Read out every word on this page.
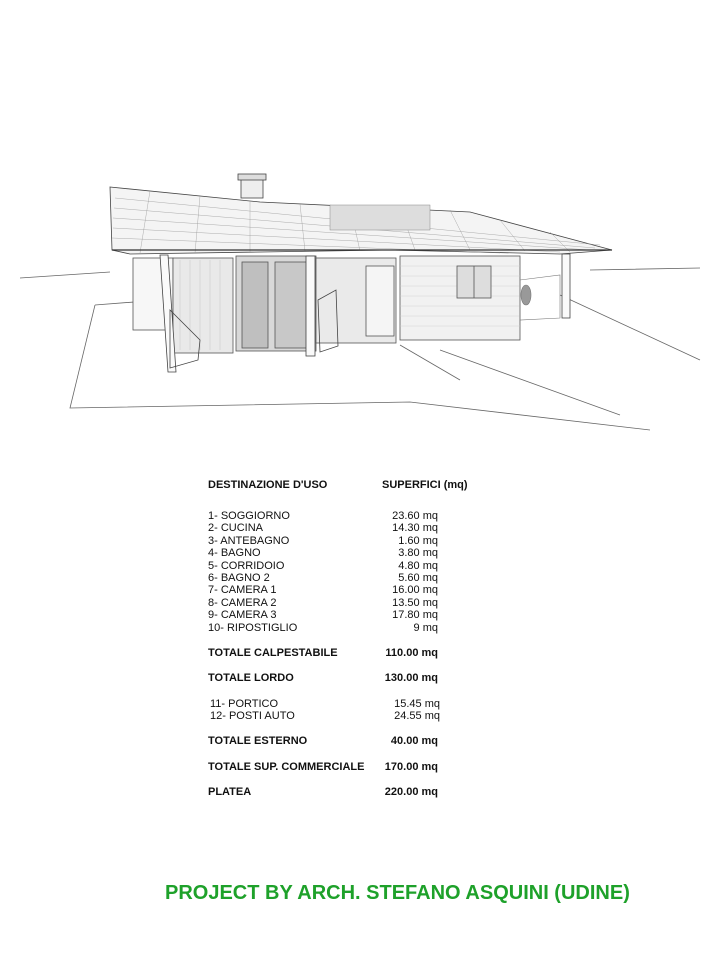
DESTINAZIONE D'USO	SUPERFICI (mq)
1- SOGGIORNO	23.60 mq
2- CUCINA	14.30 mq
3- ANTEBAGNO	1.60 mq
4- BAGNO	3.80 mq
5- CORRIDOIO	4.80 mq
6- BAGNO 2	5.60 mq
7- CAMERA 1	16.00 mq
8- CAMERA 2	13.50 mq
9- CAMERA 3	17.80 mq
10- RIPOSTIGLIO	9 mq
TOTALE CALPESTABILE	110.00 mq
TOTALE LORDO	130.00 mq
11- PORTICO	15.45 mq
12- POSTI AUTO	24.55 mq
TOTALE ESTERNO	40.00 mq
TOTALE SUP. COMMERCIALE	170.00 mq
PLATEA	220.00 mq
PROJECT BY ARCH. STEFANO ASQUINI (UDINE)
